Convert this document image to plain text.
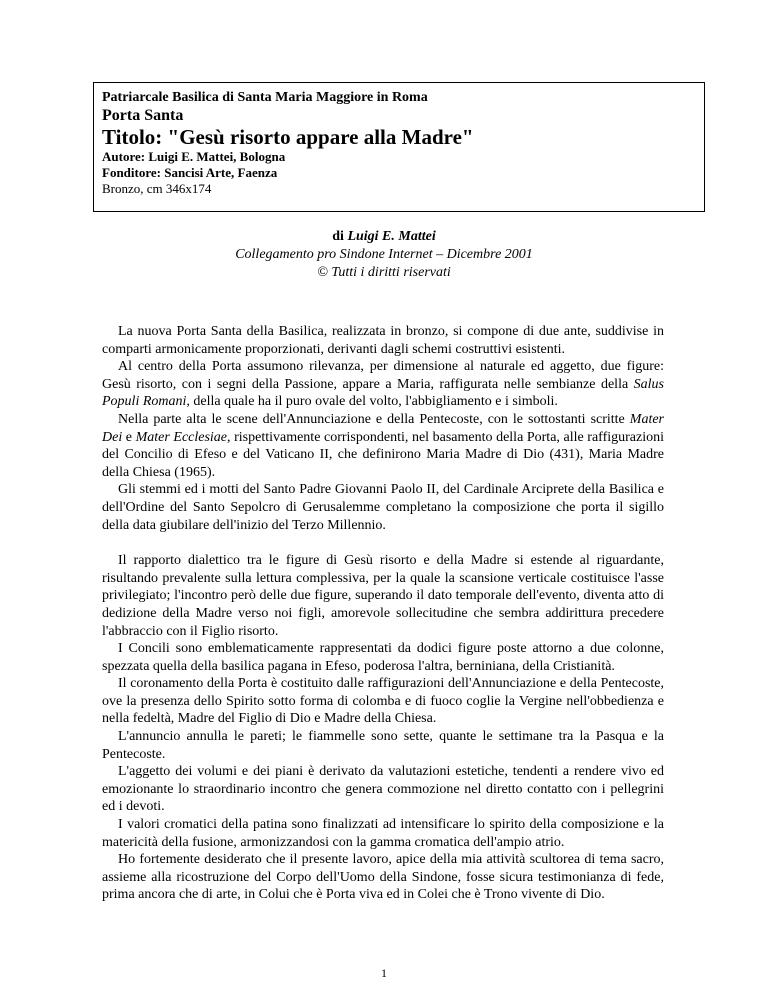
Patriarcale Basilica di Santa Maria Maggiore in Roma
Porta Santa
Titolo: "Gesù risorto appare alla Madre"
Autore: Luigi E. Mattei, Bologna
Fonditore: Sancisi Arte, Faenza
Bronzo, cm 346x174
di Luigi E. Mattei
Collegamento pro Sindone Internet – Dicembre 2001
© Tutti i diritti riservati

La nuova Porta Santa della Basilica, realizzata in bronzo, si compone di due ante, suddivise in comparti armonicamente proporzionati, derivanti dagli schemi costruttivi esistenti.

Al centro della Porta assumono rilevanza, per dimensione al naturale ed aggetto, due figure: Gesù risorto, con i segni della Passione, appare a Maria, raffigurata nelle sembianze della Salus Populi Romani, della quale ha il puro ovale del volto, l'abbigliamento e i simboli.

Nella parte alta le scene dell'Annunciazione e della Pentecoste, con le sottostanti scritte Mater Dei e Mater Ecclesiae, rispettivamente corrispondenti, nel basamento della Porta, alle raffigurazioni del Concilio di Efeso e del Vaticano II, che definirono Maria Madre di Dio (431), Maria Madre della Chiesa (1965).

Gli stemmi ed i motti del Santo Padre Giovanni Paolo II, del Cardinale Arciprete della Basilica e dell'Ordine del Santo Sepolcro di Gerusalemme completano la composizione che porta il sigillo della data giubilare dell'inizio del Terzo Millennio.

Il rapporto dialettico tra le figure di Gesù risorto e della Madre si estende al riguardante, risultando prevalente sulla lettura complessiva, per la quale la scansione verticale costituisce l'asse privilegiato; l'incontro però delle due figure, superando il dato temporale dell'evento, diventa atto di dedizione della Madre verso noi figli, amorevole sollecitudine che sembra addirittura precedere l'abbraccio con il Figlio risorto.

I Concili sono emblematicamente rappresentati da dodici figure poste attorno a due colonne, spezzata quella della basilica pagana in Efeso, poderosa l'altra, berniniana, della Cristianità.

Il coronamento della Porta è costituito dalle raffigurazioni dell'Annunciazione e della Pentecoste, ove la presenza dello Spirito sotto forma di colomba e di fuoco coglie la Vergine nell'obbedienza e nella fedeltà, Madre del Figlio di Dio e Madre della Chiesa.

L'annuncio annulla le pareti; le fiammelle sono sette, quante le settimane tra la Pasqua e la Pentecoste.

L'aggetto dei volumi e dei piani è derivato da valutazioni estetiche, tendenti a rendere vivo ed emozionante lo straordinario incontro che genera commozione nel diretto contatto con i pellegrini ed i devoti.

I valori cromatici della patina sono finalizzati ad intensificare lo spirito della composizione e la matericità della fusione, armonizzandosi con la gamma cromatica dell'ampio atrio.

Ho fortemente desiderato che il presente lavoro, apice della mia attività scultorea di tema sacro, assieme alla ricostruzione del Corpo dell'Uomo della Sindone, fosse sicura testimonianza di fede, prima ancora che di arte, in Colui che è Porta viva ed in Colei che è Trono vivente di Dio.

1
